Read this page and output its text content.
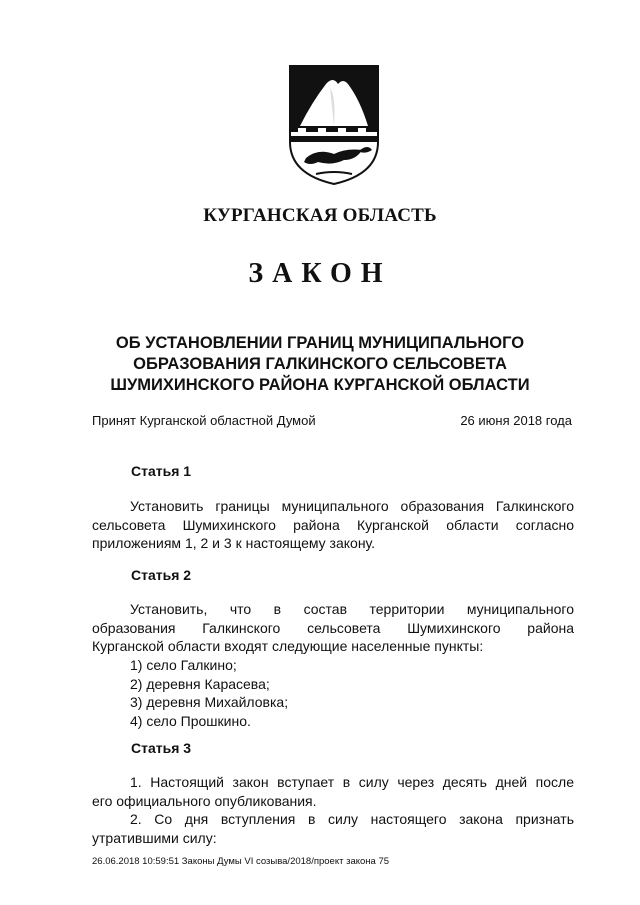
КУРГАНСКАЯ ОБЛАСТЬ
ЗАКОН
ОБ УСТАНОВЛЕНИИ ГРАНИЦ МУНИЦИПАЛЬНОГО
ОБРАЗОВАНИЯ ГАЛКИНСКОГО СЕЛЬСОВЕТА
ШУМИХИНСКОГО РАЙОНА КУРГАНСКОЙ ОБЛАСТИ
Принят Курганской областной Думой	26 июня 2018 года
Статья 1
Установить границы муниципального образования Галкинского
сельсовета Шумихинского района Курганской области согласно
приложениям 1, 2 и 3 к настоящему закону.
Статья 2
Установить, что в состав территории муниципального
образования Галкинского сельсовета Шумихинского района
Курганской области входят следующие населенные пункты:
1) село Галкино;
2) деревня Карасева;
3) деревня Михайловка;
4) село Прошкино.
Статья 3
1. Настоящий закон вступает в силу через десять дней после
его официального опубликования.
2. Со дня вступления в силу настоящего закона признать
утратившими силу:
26.06.2018 10:59:51 Законы Думы VI созыва/2018/проект закона 75
